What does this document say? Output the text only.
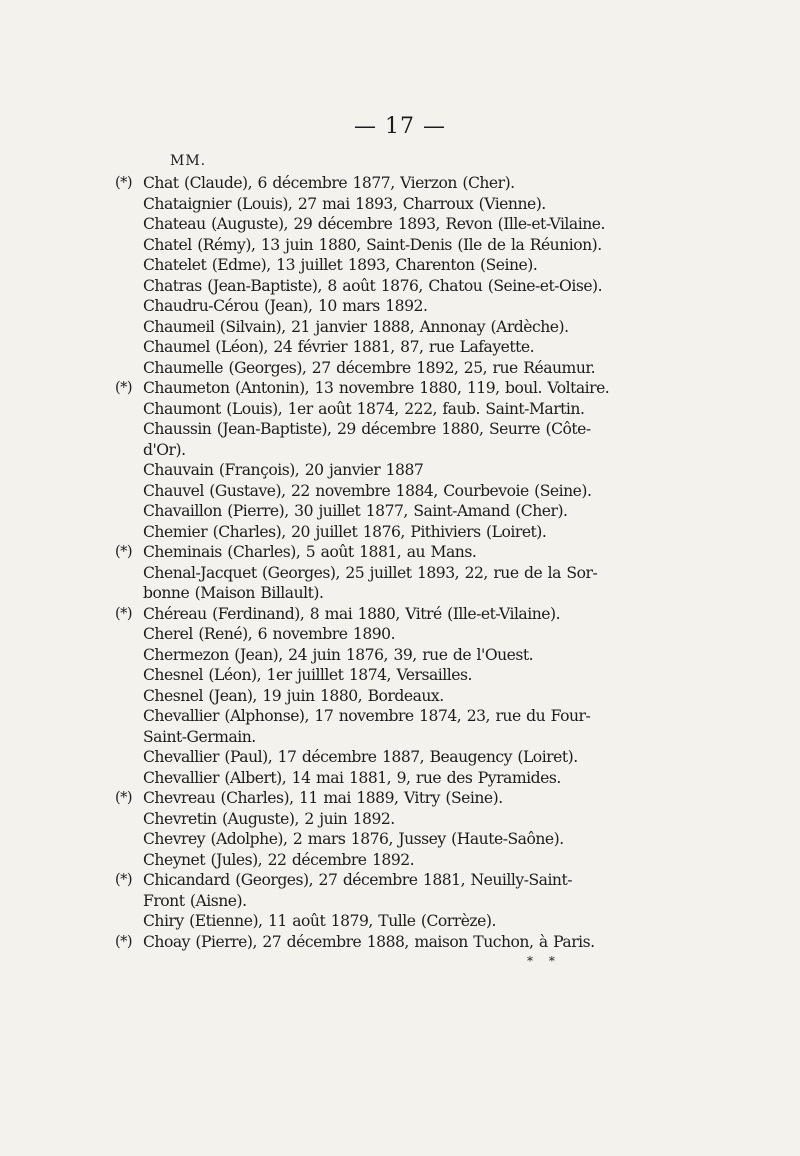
— 17 —
MM.
(*) Chat (Claude), 6 décembre 1877, Vierzon (Cher).
Chataignier (Louis), 27 mai 1893, Charroux (Vienne).
Chateau (Auguste), 29 décembre 1893, Revon (Ille-et-Vilaine.
Chatel (Rémy), 13 juin 1880, Saint-Denis (Ile de la Réunion).
Chatelet (Edme), 13 juillet 1893, Charenton (Seine).
Chatras (Jean-Baptiste), 8 août 1876, Chatou (Seine-et-Oise).
Chaudru-Cérou (Jean), 10 mars 1892.
Chaumeil (Silvain), 21 janvier 1888, Annonay (Ardèche).
Chaumel (Léon), 24 février 1881, 87, rue Lafayette.
Chaumelle (Georges), 27 décembre 1892, 25, rue Réaumur.
(*) Chaumeton (Antonin), 13 novembre 1880, 119, boul. Voltaire.
Chaumont (Louis), 1er août 1874, 222, faub. Saint-Martin.
Chaussin (Jean-Baptiste), 29 décembre 1880, Seurre (Côte-
d'Or).
Chauvain (François), 20 janvier 1887
Chauvel (Gustave), 22 novembre 1884, Courbevoie (Seine).
Chavaillon (Pierre), 30 juillet 1877, Saint-Amand (Cher).
Chemier (Charles), 20 juillet 1876, Pithiviers (Loiret).
(*) Cheminais (Charles), 5 août 1881, au Mans.
Chenal-Jacquet (Georges), 25 juillet 1893, 22, rue de la Sor-
bonne (Maison Billault).
(*) Chéreau (Ferdinand), 8 mai 1880, Vitré (Ille-et-Vilaine).
Cherel (René), 6 novembre 1890.
Chermezon (Jean), 24 juin 1876, 39, rue de l'Ouest.
Chesnel (Léon), 1er juilllet 1874, Versailles.
Chesnel (Jean), 19 juin 1880, Bordeaux.
Chevallier (Alphonse), 17 novembre 1874, 23, rue du Four-
Saint-Germain.
Chevallier (Paul), 17 décembre 1887, Beaugency (Loiret).
Chevallier (Albert), 14 mai 1881, 9, rue des Pyramides.
(*) Chevreau (Charles), 11 mai 1889, Vitry (Seine).
Chevretin (Auguste), 2 juin 1892.
Chevrey (Adolphe), 2 mars 1876, Jussey (Haute-Saône).
Cheynet (Jules), 22 décembre 1892.
(*) Chicandard (Georges), 27 décembre 1881, Neuilly-Saint-
Front (Aisne).
Chiry (Etienne), 11 août 1879, Tulle (Corrèze).
(*) Choay (Pierre), 27 décembre 1888, maison Tuchon, à Paris.
* *
